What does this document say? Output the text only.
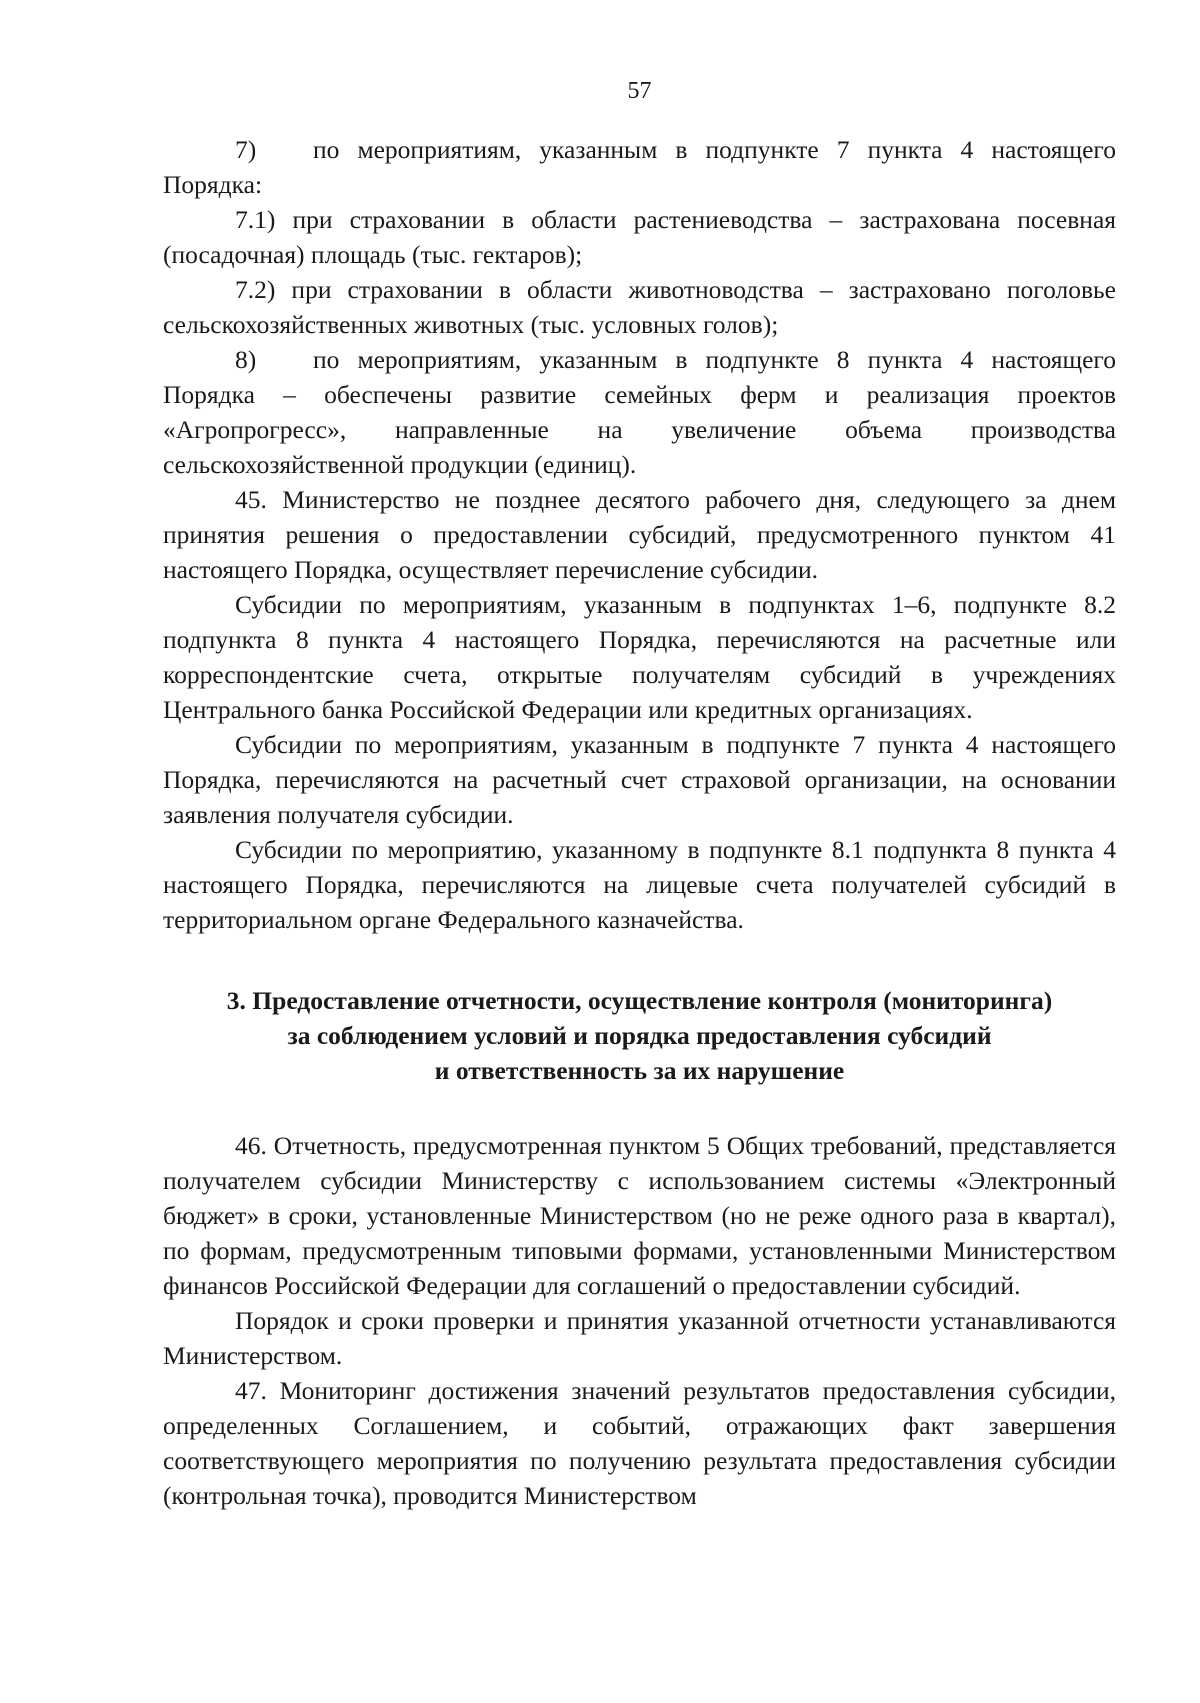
57

7) по мероприятиям, указанным в подпункте 7 пункта 4 настоящего Порядка:

7.1) при страховании в области растениеводства – застрахована посевная (посадочная) площадь (тыс. гектаров);

7.2) при страховании в области животноводства – застраховано поголовье сельскохозяйственных животных (тыс. условных голов);

8) по мероприятиям, указанным в подпункте 8 пункта 4 настоящего Порядка – обеспечены развитие семейных ферм и реализация проектов «Агропрогресс», направленные на увеличение объема производства сельскохозяйственной продукции (единиц).

45. Министерство не позднее десятого рабочего дня, следующего за днем принятия решения о предоставлении субсидий, предусмотренного пунктом 41 настоящего Порядка, осуществляет перечисление субсидии.

Субсидии по мероприятиям, указанным в подпунктах 1–6, подпункте 8.2 подпункта 8 пункта 4 настоящего Порядка, перечисляются на расчетные или корреспондентские счета, открытые получателям субсидий в учреждениях Центрального банка Российской Федерации или кредитных организациях.

Субсидии по мероприятиям, указанным в подпункте 7 пункта 4 настоящего Порядка, перечисляются на расчетный счет страховой организации, на основании заявления получателя субсидии.

Субсидии по мероприятию, указанному в подпункте 8.1 подпункта 8 пункта 4 настоящего Порядка, перечисляются на лицевые счета получателей субсидий в территориальном органе Федерального казначейства.

3. Предоставление отчетности, осуществление контроля (мониторинга)
за соблюдением условий и порядка предоставления субсидий
и ответственность за их нарушение

46. Отчетность, предусмотренная пунктом 5 Общих требований, представляется получателем субсидии Министерству с использованием системы «Электронный бюджет» в сроки, установленные Министерством (но не реже одного раза в квартал), по формам, предусмотренным типовыми формами, установленными Министерством финансов Российской Федерации для соглашений о предоставлении субсидий.

Порядок и сроки проверки и принятия указанной отчетности устанавливаются Министерством.

47. Мониторинг достижения значений результатов предоставления субсидии, определенных Соглашением, и событий, отражающих факт завершения соответствующего мероприятия по получению результата предоставления субсидии (контрольная точка), проводится Министерством
